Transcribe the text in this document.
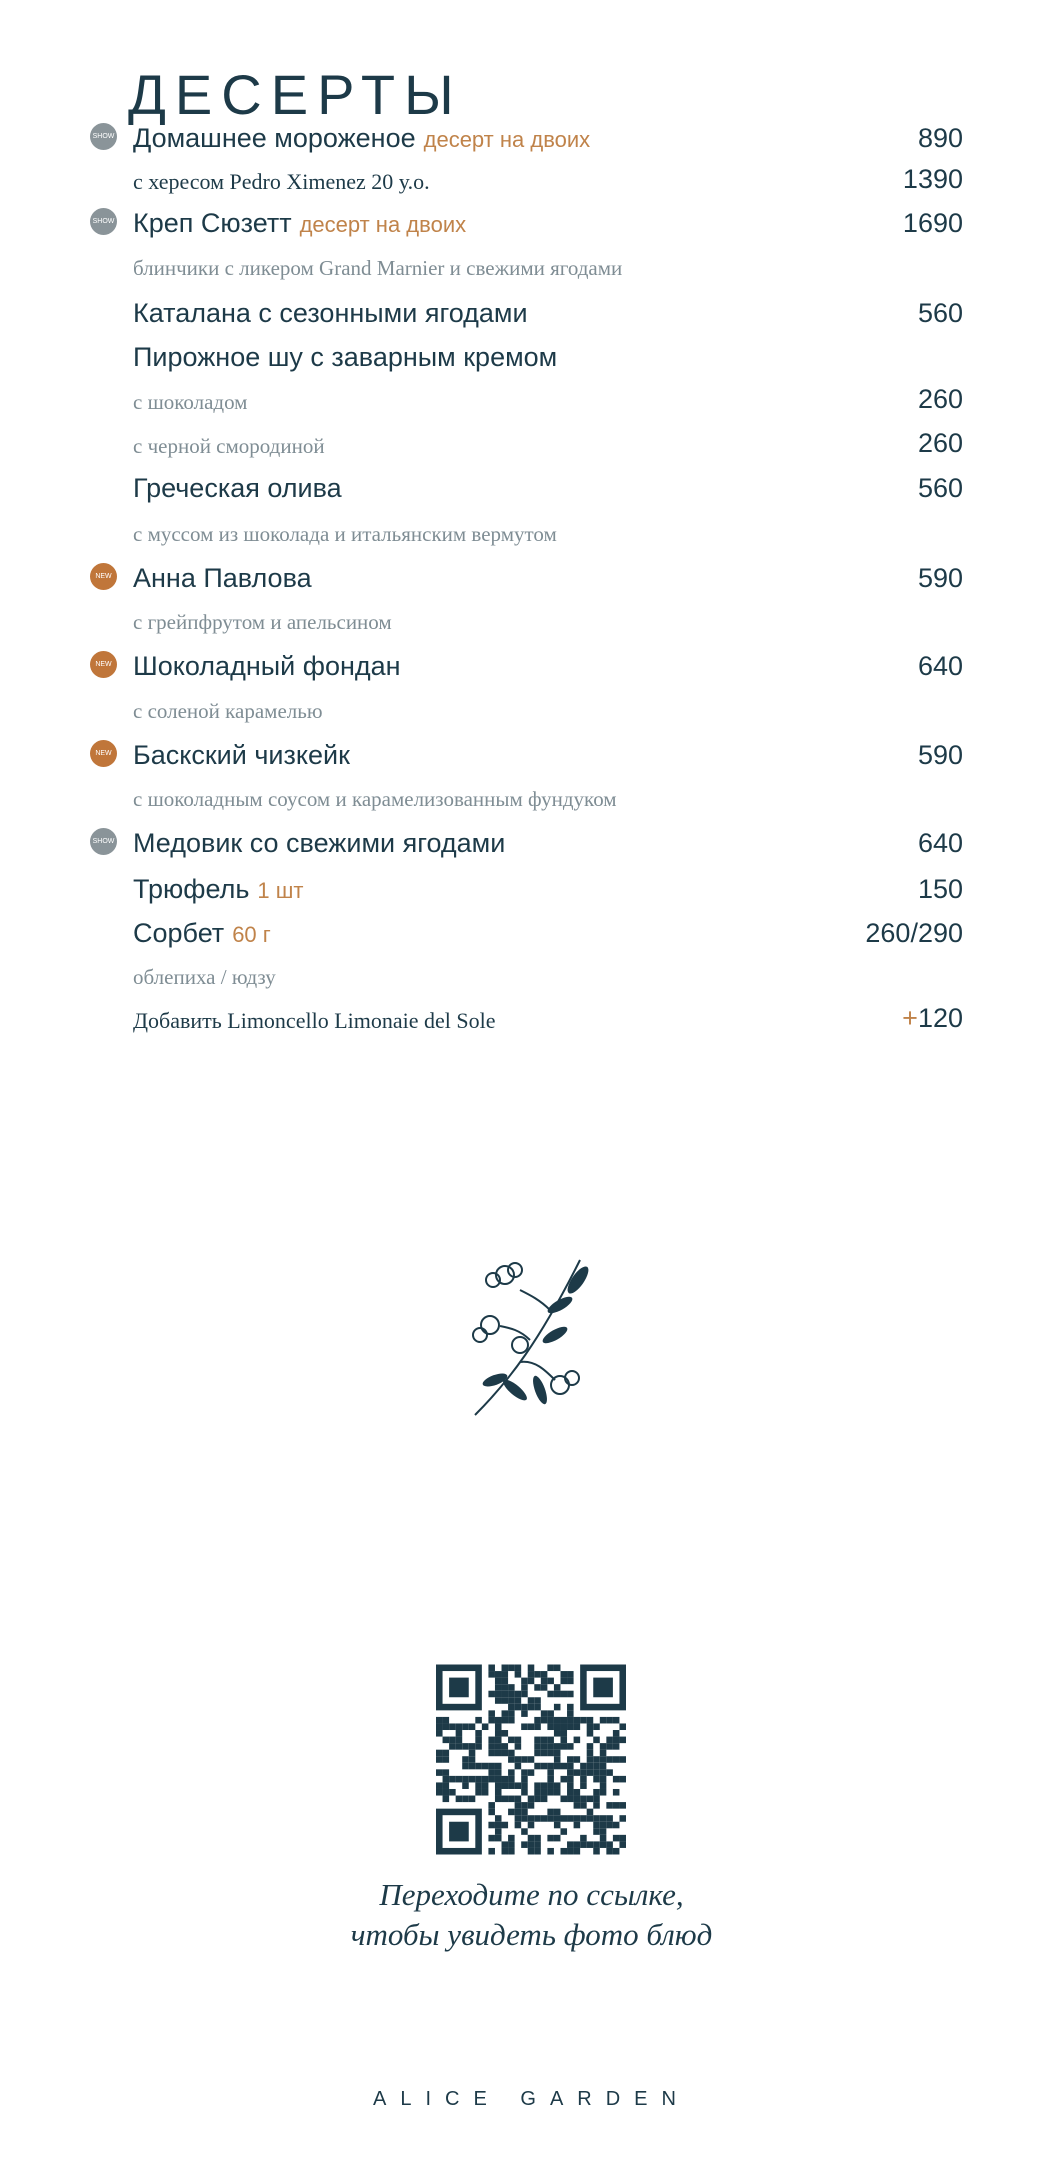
ДЕСЕРТЫ
SHOW Домашнее мороженое десерт на двоих	890
с хересом Pedro Ximenez 20 у.о.	1390
SHOW Креп Сюзетт десерт на двоих	1690
блинчики с ликером Grand Marnier и свежими ягодами
Каталана с сезонными ягодами	560
Пирожное шу с заварным кремом
с шоколадом	260
с черной смородиной	260
Греческая олива	560
с муссом из шоколада и итальянским вермутом
NEW Анна Павлова	590
с грейпфрутом и апельсином
NEW Шоколадный фондан	640
с соленой карамелью
NEW Баскский чизкейк	590
с шоколадным соусом и карамелизованным фундуком
SHOW Медовик со свежими ягодами	640
Трюфель 1 шт	150
Сорбет 60 г	260/290
облепиха / юдзу
Добавить Limoncello Limonaie del Sole	+120
Переходите по ссылке,
чтобы увидеть фото блюд
ALICE GARDEN
